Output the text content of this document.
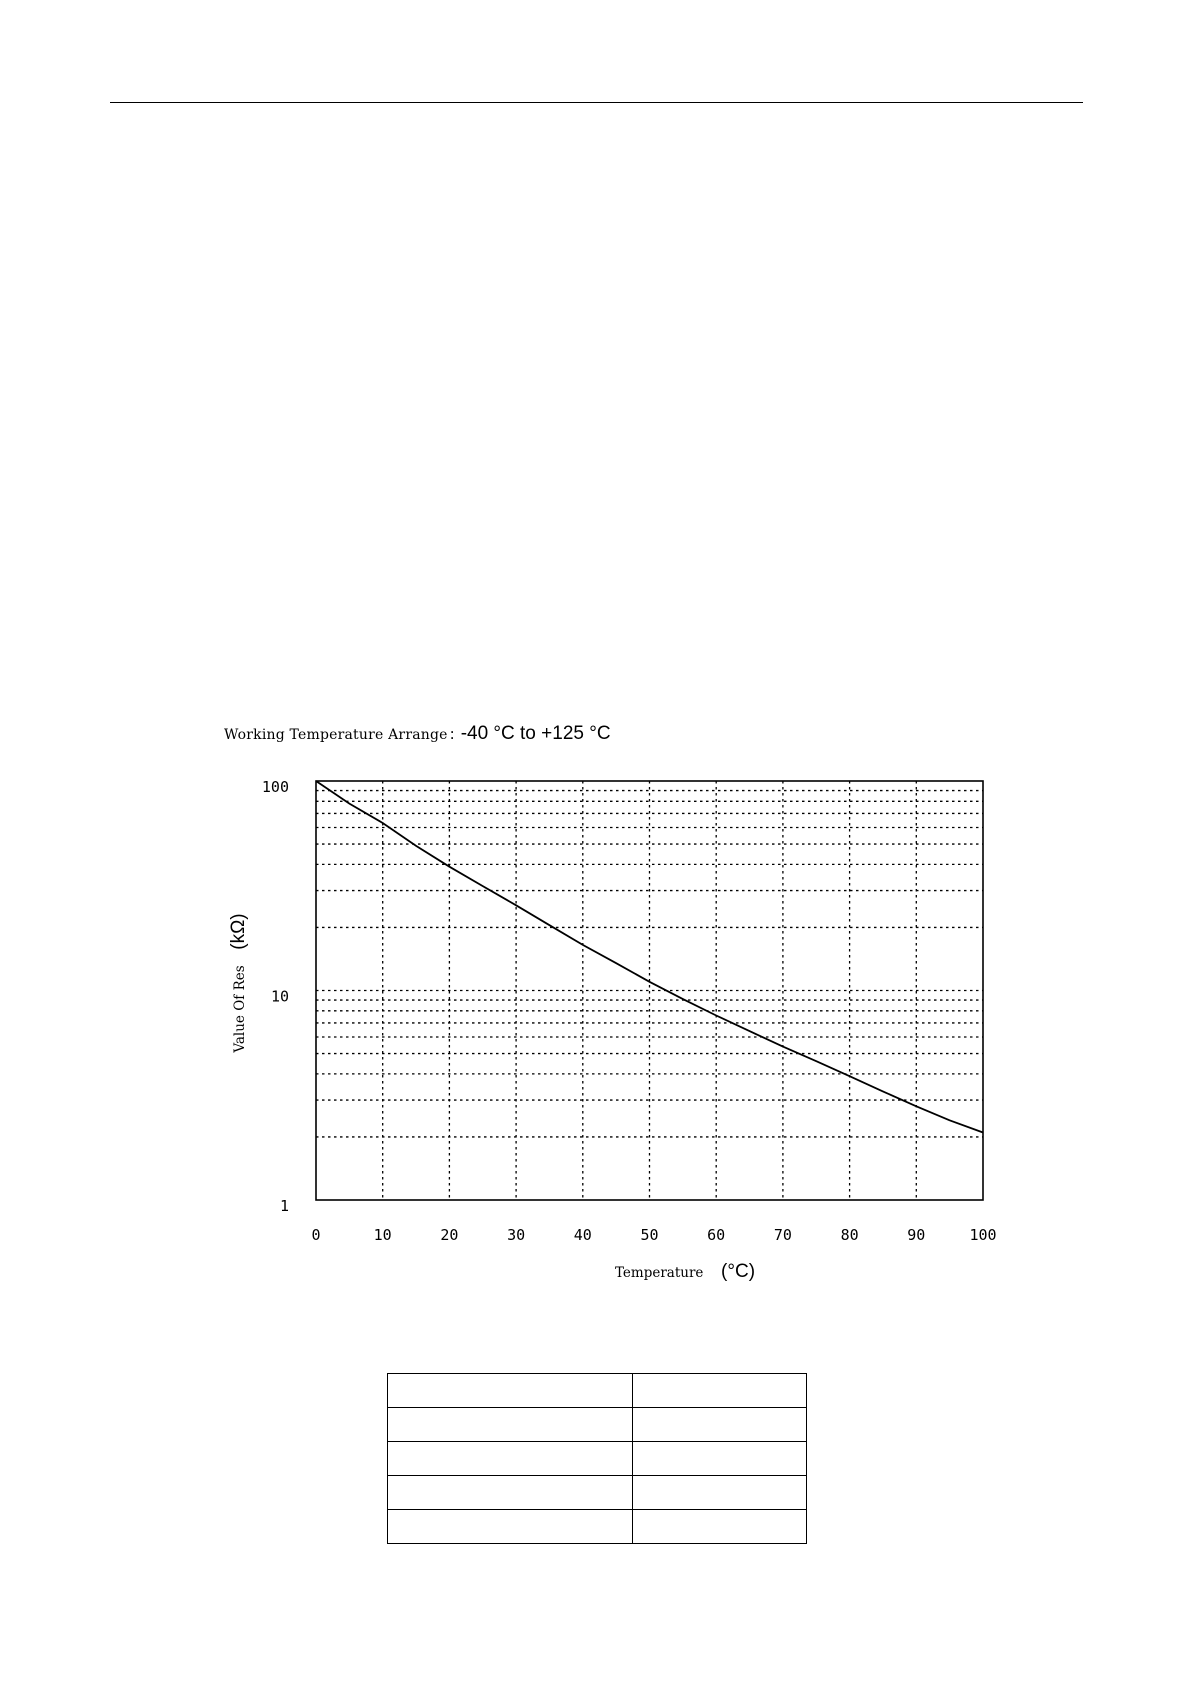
Working Temperature Arrange : -40 °C to +125 °C
0	10	20	30	40	50	60	70	80	90	100
1
10
100
Temperature (°C)
Value Of Res (kΩ)
